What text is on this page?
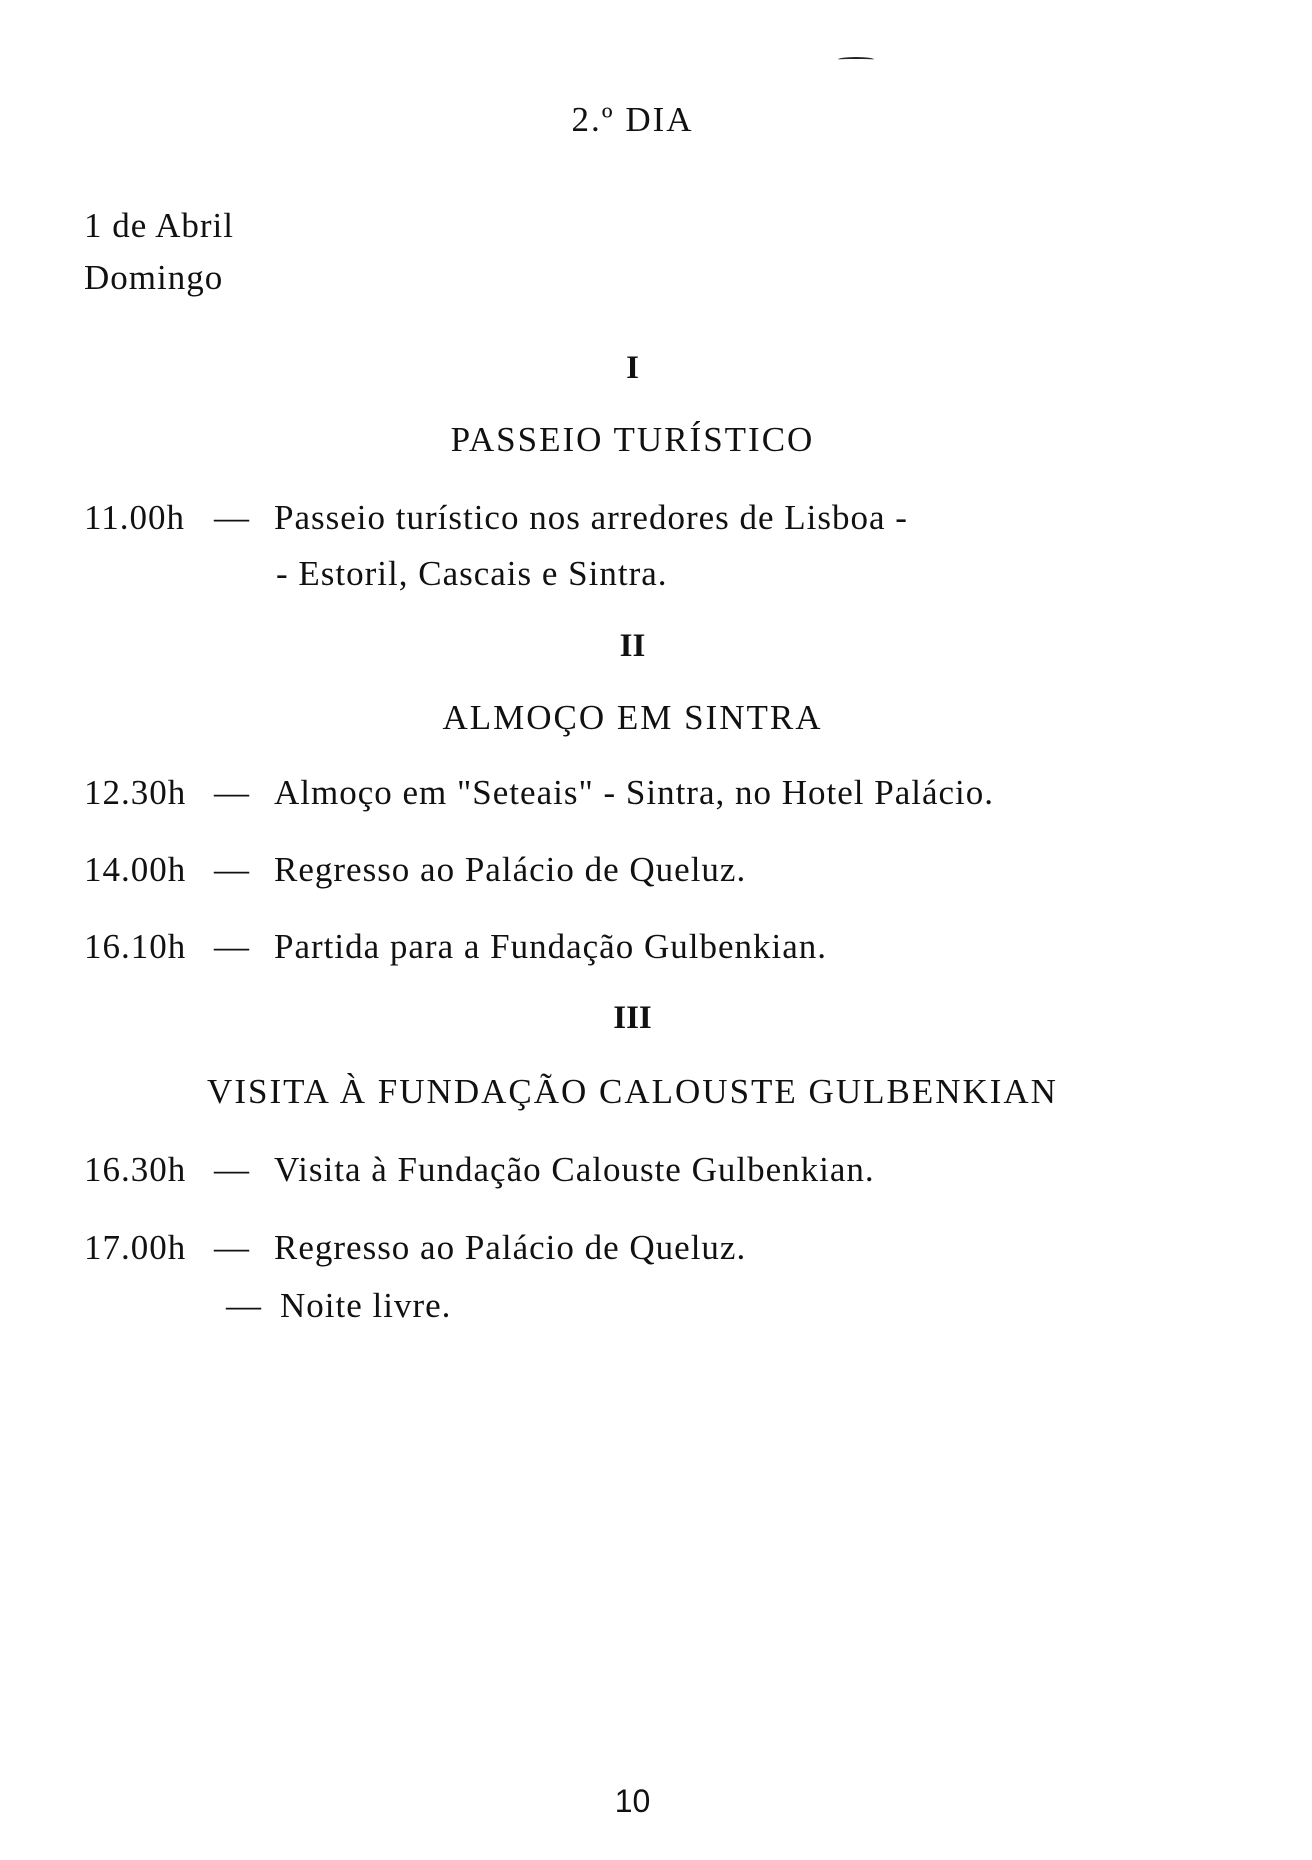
2.º DIA
1 de Abril
Domingo
I
PASSEIO TURÍSTICO
11.00h — Passeio turístico nos arredores de Lisboa -
- Estoril, Cascais e Sintra.
II
ALMOÇO EM SINTRA
12.30h — Almoço em "Seteais" - Sintra, no Hotel Palácio.
14.00h — Regresso ao Palácio de Queluz.
16.10h — Partida para a Fundação Gulbenkian.
III
VISITA À FUNDAÇÃO CALOUSTE GULBENKIAN
16.30h — Visita à Fundação Calouste Gulbenkian.
17.00h — Regresso ao Palácio de Queluz.
— Noite livre.
10
